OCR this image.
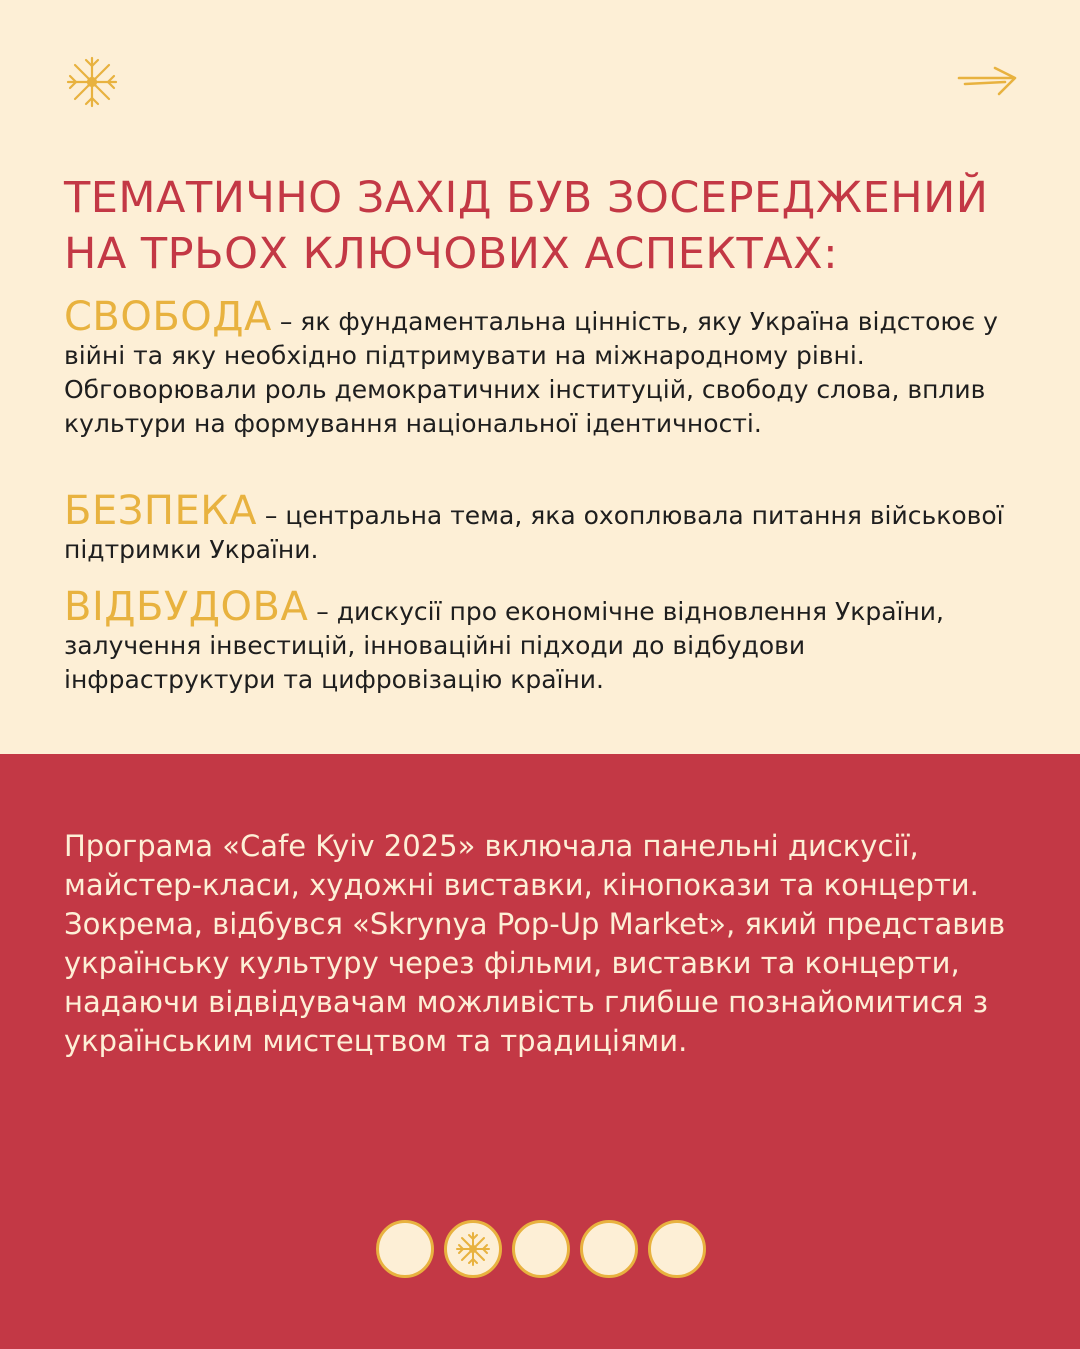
ТЕМАТИЧНО ЗАХІД БУВ ЗОСЕРЕДЖЕНИЙ НА ТРЬОХ КЛЮЧОВИХ АСПЕКТАХ:

СВОБОДА – як фундаментальна цінність, яку Україна відстоює у війні та яку необхідно підтримувати на міжнародному рівні. Обговорювали роль демократичних інституцій, свободу слова, вплив культури на формування національної ідентичності.

БЕЗПЕКА – центральна тема, яка охоплювала питання військової підтримки України.

ВІДБУДОВА – дискусії про економічне відновлення України, залучення інвестицій, інноваційні підходи до відбудови інфраструктури та цифровізацію країни.

Програма «Cafe Kyiv 2025» включала панельні дискусії, майстер-класи, художні виставки, кінопокази та концерти. Зокрема, відбувся «Skrynya Pop-Up Market», який представив українську культуру через фільми, виставки та концерти, надаючи відвідувачам можливість глибше познайомитися з українським мистецтвом та традиціями.
